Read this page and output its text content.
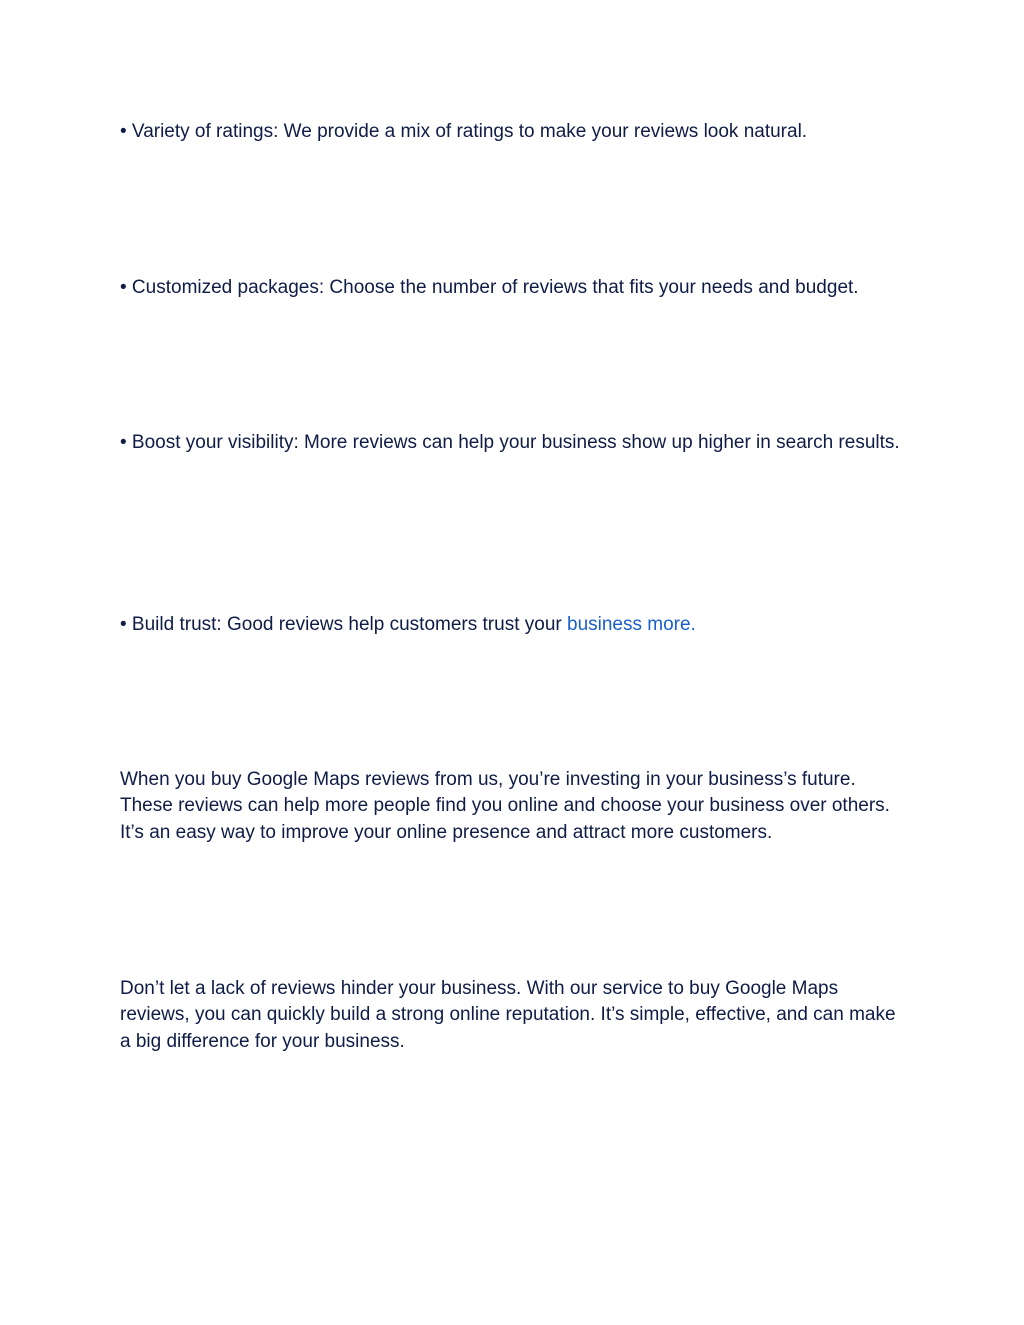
• Variety of ratings: We provide a mix of ratings to make your reviews look natural.

• Customized packages: Choose the number of reviews that fits your needs and budget.

• Boost your visibility: More reviews can help your business show up higher in search results.

• Build trust: Good reviews help customers trust your business more.

When you buy Google Maps reviews from us, you’re investing in your business’s future. These reviews can help more people find you online and choose your business over others. It’s an easy way to improve your online presence and attract more customers.

Don’t let a lack of reviews hinder your business. With our service to buy Google Maps reviews, you can quickly build a strong online reputation. It’s simple, effective, and can make a big difference for your business.
